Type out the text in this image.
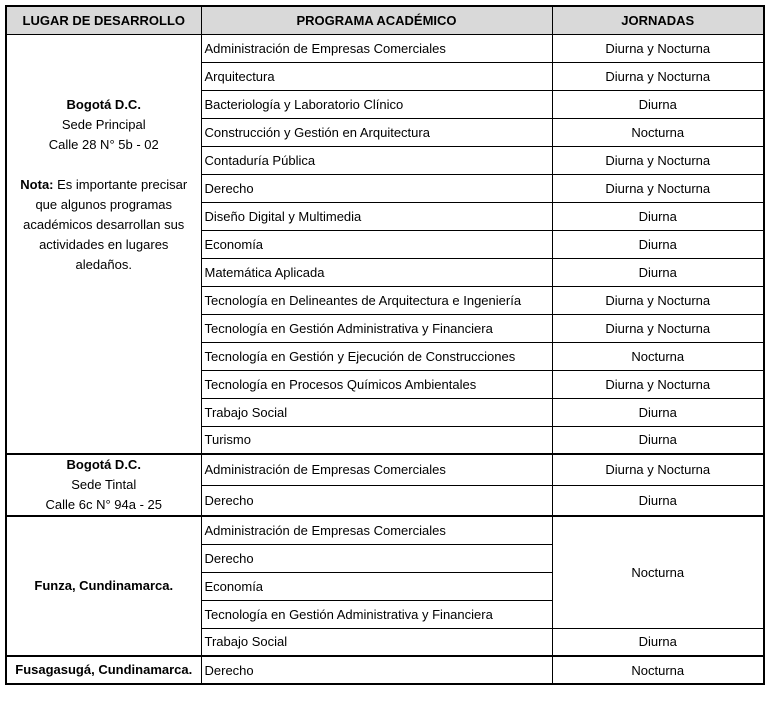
LUGAR DE DESARROLLO	PROGRAMA ACADÉMICO	JORNADAS

Bogotá D.C.
Sede Principal
Calle 28 N° 5b - 02
Nota: Es importante precisar que algunos programas académicos desarrollan sus actividades en lugares aledaños.	Administración de Empresas Comerciales	Diurna y Nocturna
	Arquitectura	Diurna y Nocturna
	Bacteriología y Laboratorio Clínico	Diurna
	Construcción y Gestión en Arquitectura	Nocturna
	Contaduría Pública	Diurna y Nocturna
	Derecho	Diurna y Nocturna
	Diseño Digital y Multimedia	Diurna
	Economía	Diurna
	Matemática Aplicada	Diurna
	Tecnología en Delineantes de Arquitectura e Ingeniería	Diurna y Nocturna
	Tecnología en Gestión Administrativa y Financiera	Diurna y Nocturna
	Tecnología en Gestión y Ejecución de Construcciones	Nocturna
	Tecnología en Procesos Químicos Ambientales	Diurna y Nocturna
	Trabajo Social	Diurna
	Turismo	Diurna

Bogotá D.C.
Sede Tintal
Calle 6c N° 94a - 25	Administración de Empresas Comerciales	Diurna y Nocturna
	Derecho	Diurna

Funza, Cundinamarca.	Administración de Empresas Comerciales	Nocturna
	Derecho	
	Economía	
	Tecnología en Gestión Administrativa y Financiera	
	Trabajo Social	Diurna

Fusagasugá, Cundinamarca.	Derecho	Nocturna
